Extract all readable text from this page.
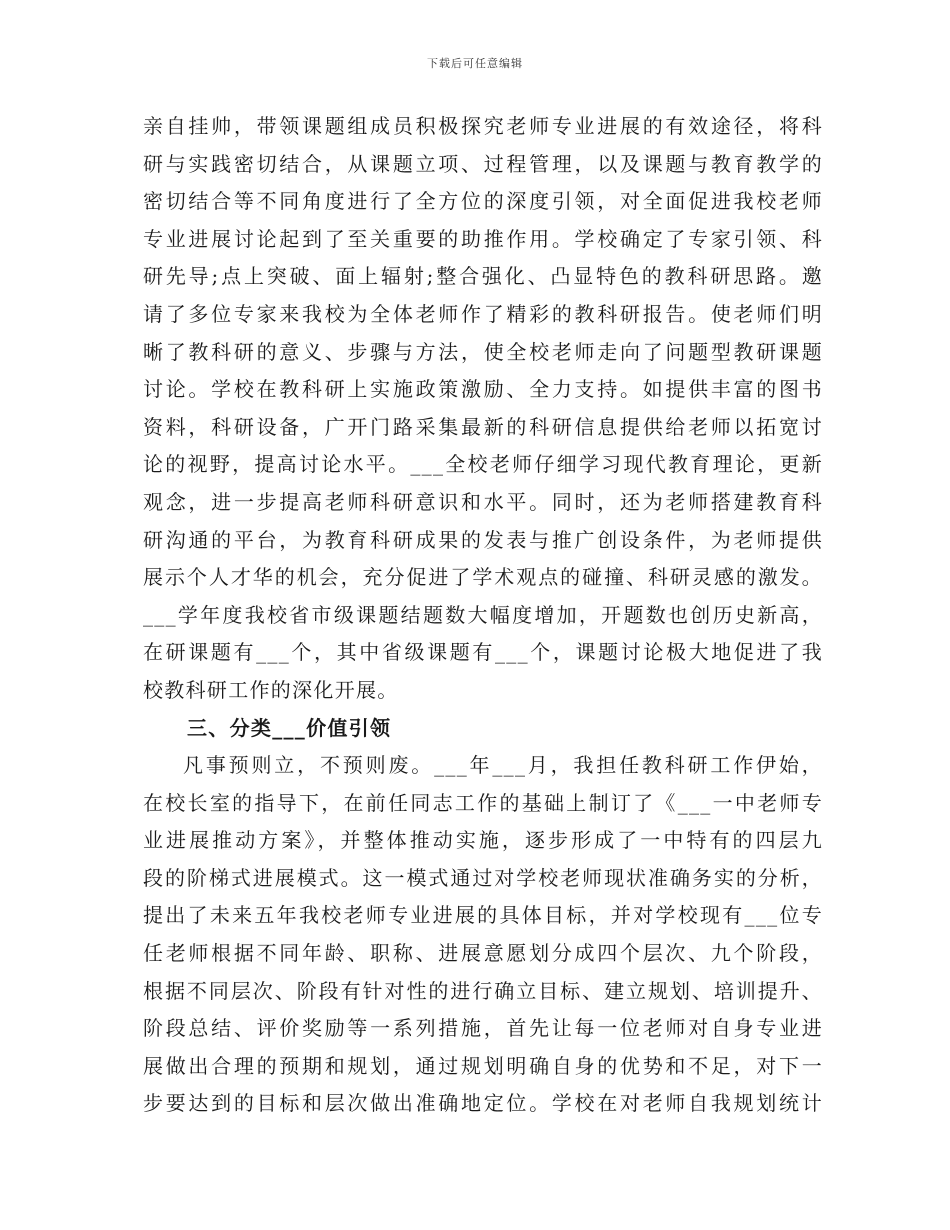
下载后可任意编辑
亲自挂帅，带领课题组成员积极探究老师专业进展的有效途径，将科
研与实践密切结合，从课题立项、过程管理，以及课题与教育教学的
密切结合等不同角度进行了全方位的深度引领，对全面促进我校老师
专业进展讨论起到了至关重要的助推作用。学校确定了专家引领、科
研先导;点上突破、面上辐射;整合强化、凸显特色的教科研思路。邀
请了多位专家来我校为全体老师作了精彩的教科研报告。使老师们明
晰了教科研的意义、步骤与方法，使全校老师走向了问题型教研课题
讨论。学校在教科研上实施政策激励、全力支持。如提供丰富的图书
资料，科研设备，广开门路采集最新的科研信息提供给老师以拓宽讨
论的视野，提高讨论水平。___全校老师仔细学习现代教育理论，更新
观念，进一步提高老师科研意识和水平。同时，还为老师搭建教育科
研沟通的平台，为教育科研成果的发表与推广创设条件，为老师提供
展示个人才华的机会，充分促进了学术观点的碰撞、科研灵感的激发。
___学年度我校省市级课题结题数大幅度增加，开题数也创历史新高，
在研课题有___个，其中省级课题有___个，课题讨论极大地促进了我
校教科研工作的深化开展。
三、分类___价值引领
凡事预则立，不预则废。___年___月，我担任教科研工作伊始，
在校长室的指导下，在前任同志工作的基础上制订了《___一中老师专
业进展推动方案》，并整体推动实施，逐步形成了一中特有的四层九
段的阶梯式进展模式。这一模式通过对学校老师现状准确务实的分析，
提出了未来五年我校老师专业进展的具体目标，并对学校现有___位专
任老师根据不同年龄、职称、进展意愿划分成四个层次、九个阶段，
根据不同层次、阶段有针对性的进行确立目标、建立规划、培训提升、
阶段总结、评价奖励等一系列措施，首先让每一位老师对自身专业进
展做出合理的预期和规划，通过规划明确自身的优势和不足，对下一
步要达到的目标和层次做出准确地定位。学校在对老师自我规划统计
